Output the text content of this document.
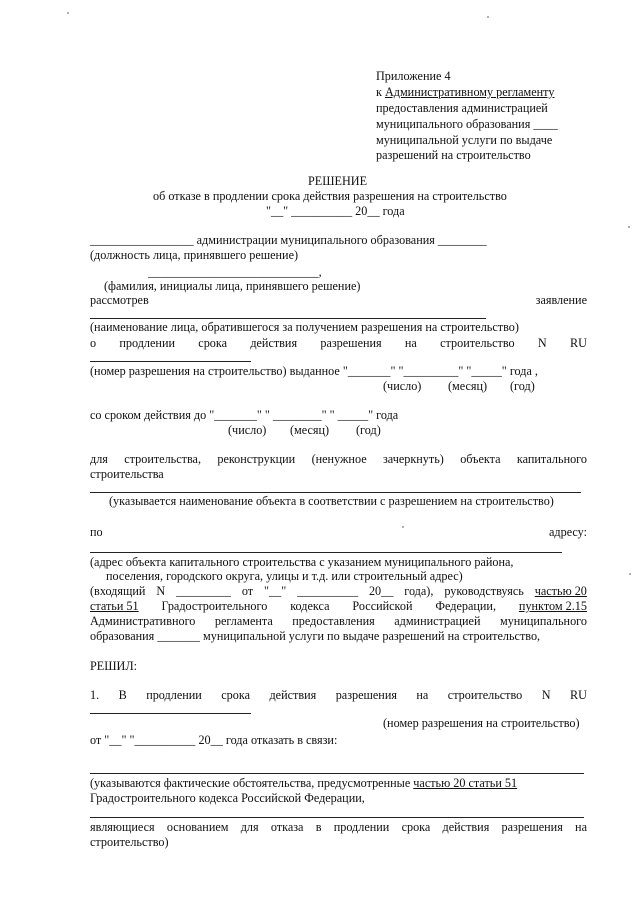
Приложение 4
к Административному регламенту
предоставления администрацией
муниципального образования ____
муниципальной услуги по выдаче
разрешений на строительство
РЕШЕНИЕ
об отказе в продлении срока действия разрешения на строительство
"__" __________ 20__ года
_________________ администрации муниципального образования ________
(должность лица, принявшего решение)
____________________________,
(фамилия, инициалы лица, принявшего решение)
рассмотрев	заявление
(наименование лица, обратившегося за получением разрешения на строительство)
о продлении срока действия разрешения на строительство N RU
(номер разрешения на строительство) выданное "_______" "_________" "_____" года ,
(число) (месяц) (год)
со сроком действия до "_______" " ________" " _____" года
(число) (месяц) (год)
для строительства, реконструкции (ненужное зачеркнуть) объекта капитального
строительства
(указывается наименование объекта в соответствии с разрешением на строительство)
по	адресу:
(адрес объекта капитального строительства с указанием муниципального района,
поселения, городского округа, улицы и т.д. или строительный адрес)
(входящий N _________ от "__" __________ 20__ года), руководствуясь частью 20
статьи 51 Градостроительного кодекса Российской Федерации, пунктом 2.15
Административного регламента предоставления администрацией муниципального
образования _______ муниципальной услуги по выдаче разрешений на строительство,
РЕШИЛ:
1. В продлении срока действия разрешения на строительство N RU
(номер разрешения на строительство)
от "__" "__________ 20__ года отказать в связи:
(указываются фактические обстоятельства, предусмотренные частью 20 статьи 51
Градостроительного кодекса Российской Федерации,
являющиеся основанием для отказа в продлении срока действия разрешения на
строительство)
